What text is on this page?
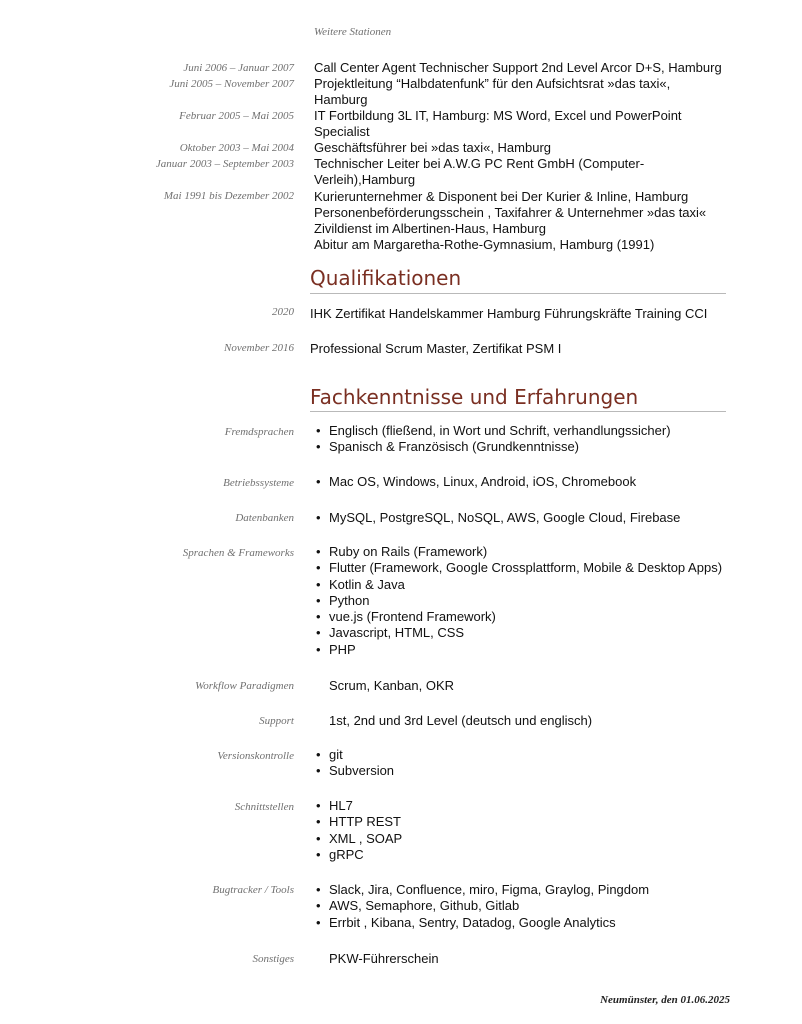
Weitere Stationen
Juni 2006 – Januar 2007 Call Center Agent Technischer Support 2nd Level Arcor D+S, Hamburg
Juni 2005 – November 2007 Projektleitung “Halbdatenfunk” für den Aufsichtsrat »das taxi«,
Hamburg
Februar 2005 – Mai 2005 IT Fortbildung 3L IT, Hamburg: MS Word, Excel und PowerPoint
Specialist
Oktober 2003 – Mai 2004 Geschäftsführer bei »das taxi«, Hamburg
Januar 2003 – September 2003 Technischer Leiter bei A.W.G PC Rent GmbH (Computer-
Verleih),Hamburg
Mai 1991 bis Dezember 2002 Kurierunternehmer & Disponent bei Der Kurier & Inline, Hamburg
Personenbeförderungsschein , Taxifahrer & Unternehmer »das taxi«
Zivildienst im Albertinen-Haus, Hamburg
Abitur am Margaretha-Rothe-Gymnasium, Hamburg (1991)
Qualifikationen
2020 IHK Zertifikat Handelskammer Hamburg Führungskräfte Training CCI
November 2016 Professional Scrum Master, Zertifikat PSM I
Fachkenntnisse und Erfahrungen
Fremdsprachen	• Englisch (fließend, in Wort und Schrift, verhandlungssicher)
• Spanisch & Französisch (Grundkenntnisse)
Betriebssysteme	• Mac OS, Windows, Linux, Android, iOS, Chromebook
Datenbanken	• MySQL, PostgreSQL, NoSQL, AWS, Google Cloud, Firebase
Sprachen & Frameworks	• Ruby on Rails (Framework)
• Flutter (Framework, Google Crossplattform, Mobile & Desktop Apps)
• Kotlin & Java
• Python
• vue.js (Frontend Framework)
• Javascript, HTML, CSS
• PHP
Workflow Paradigmen	Scrum, Kanban, OKR
Support	1st, 2nd und 3rd Level (deutsch und englisch)
Versionskontrolle	• git
• Subversion
Schnittstellen	• HL7
• HTTP REST
• XML , SOAP
• gRPC
Bugtracker / Tools	• Slack, Jira, Confluence, miro, Figma, Graylog, Pingdom
• AWS, Semaphore, Github, Gitlab
• Errbit , Kibana, Sentry, Datadog, Google Analytics
Sonstiges	PKW-Führerschein
Neumünster, den 01.06.2025
